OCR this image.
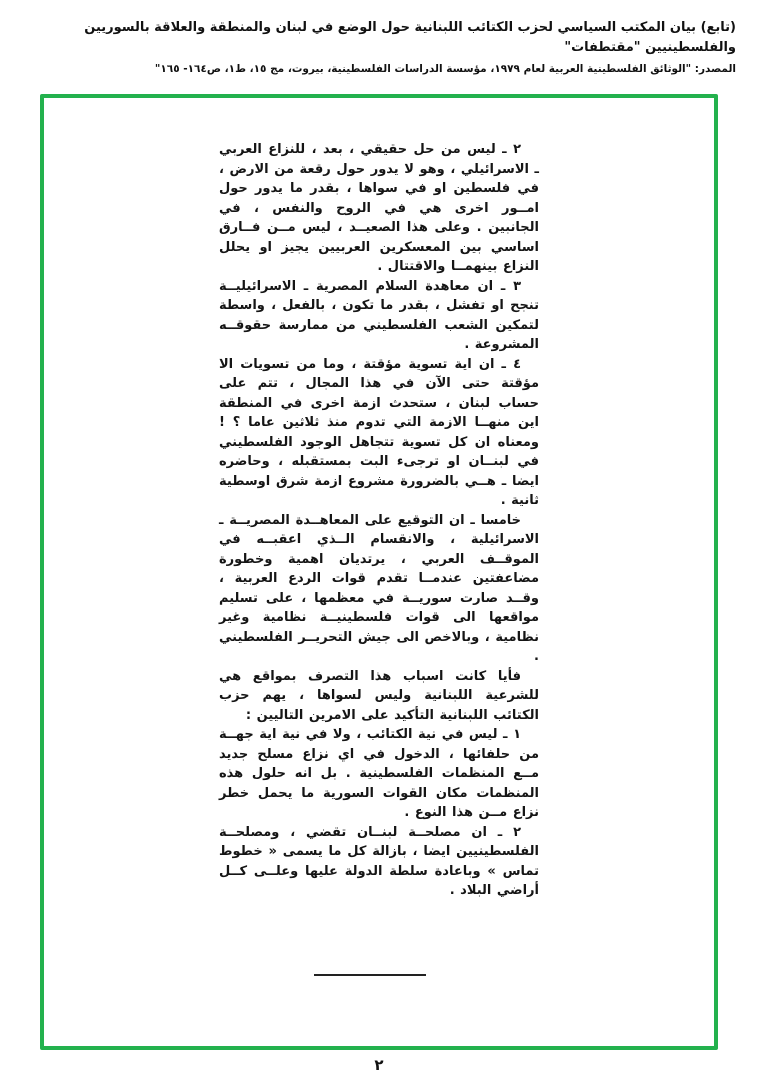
(تابع) بيان المكتب السياسي لحزب الكتائب اللبنانية حول الوضع في لبنان والمنطقة والعلاقة بالسوريين والفلسطينيين "مقتطفات"
المصدر: "الوثائق الفلسطينية العربية لعام ١٩٧٩، مؤسسة الدراسات الفلسطينية، بيروت، مج ١٥، ط١، ص١٦٤- ١٦٥"

٢ ـ ليس من حل حقيقي ، بعد ، للنزاع العربي ـ الاسرائيلي ، وهو لا يدور حول رقعة من الارض ، في فلسطين او في سواها ، بقدر ما يدور حول امــور اخرى هي في الروح والنفس ، في الجانبين . وعلى هذا الصعيــد ، ليس مــن فــارق اساسي بين المعسكرين العربيين يجيز او يحلل النزاع بينهمــا والاقتتال .

٣ ـ ان معاهدة السلام المصرية ـ الاسرائيليــة تنجح او تفشل ، بقدر ما تكون ، بالفعل ، واسطة لتمكين الشعب الفلسطيني من ممارسة حقوقــه المشروعة .

٤ ـ ان اية تسوية مؤقتة ، وما من تسويات الا مؤقتة حتى الآن في هذا المجال ، تتم على حساب لبنان ، ستحدث ازمة اخرى في المنطقة اين منهــا الازمة التي تدوم منذ ثلاثين عاما ؟ ! ومعناه ان كل تسوية تتجاهل الوجود الفلسطيني في لبنــان او ترجىء البت بمستقبله ، وحاضره ايضا ـ هــي بالضرورة مشروع ازمة شرق اوسطية ثانية .

خامسا ـ ان التوقيع على المعاهــدة المصريــة ـ الاسرائيلية ، والانقسام الــذي اعقبــه في الموقــف العربي ، يرتديان اهمية وخطورة مضاعفتين عندمــا تقدم قوات الردع العربية ، وقــد صارت سوريــة في معظمها ، على تسليم مواقعها الى قوات فلسطينيــة نظامية وغير نظامية ، وبالاخص الى جيش التحريــر الفلسطيني .

فأيا كانت اسباب هذا التصرف بمواقع هي للشرعية اللبنانية وليس لسواها ، يهم حزب الكتائب اللبنانية التأكيد على الامرين التاليين :

١ ـ ليس في نية الكتائب ، ولا في نية اية جهــة من حلفائها ، الدخول في اي نزاع مسلح جديد مــع المنظمات الفلسطينية . بل انه حلول هذه المنظمات مكان القوات السورية ما يحمل خطر نزاع مــن هذا النوع .

٢ ـ ان مصلحــة لبنــان تقضي ، ومصلحــة الفلسطينيين ايضا ، بازالة كل ما يسمى « خطوط تماس » وباعادة سلطة الدولة عليها وعلــى كــل أراضي البلاد .

٢
